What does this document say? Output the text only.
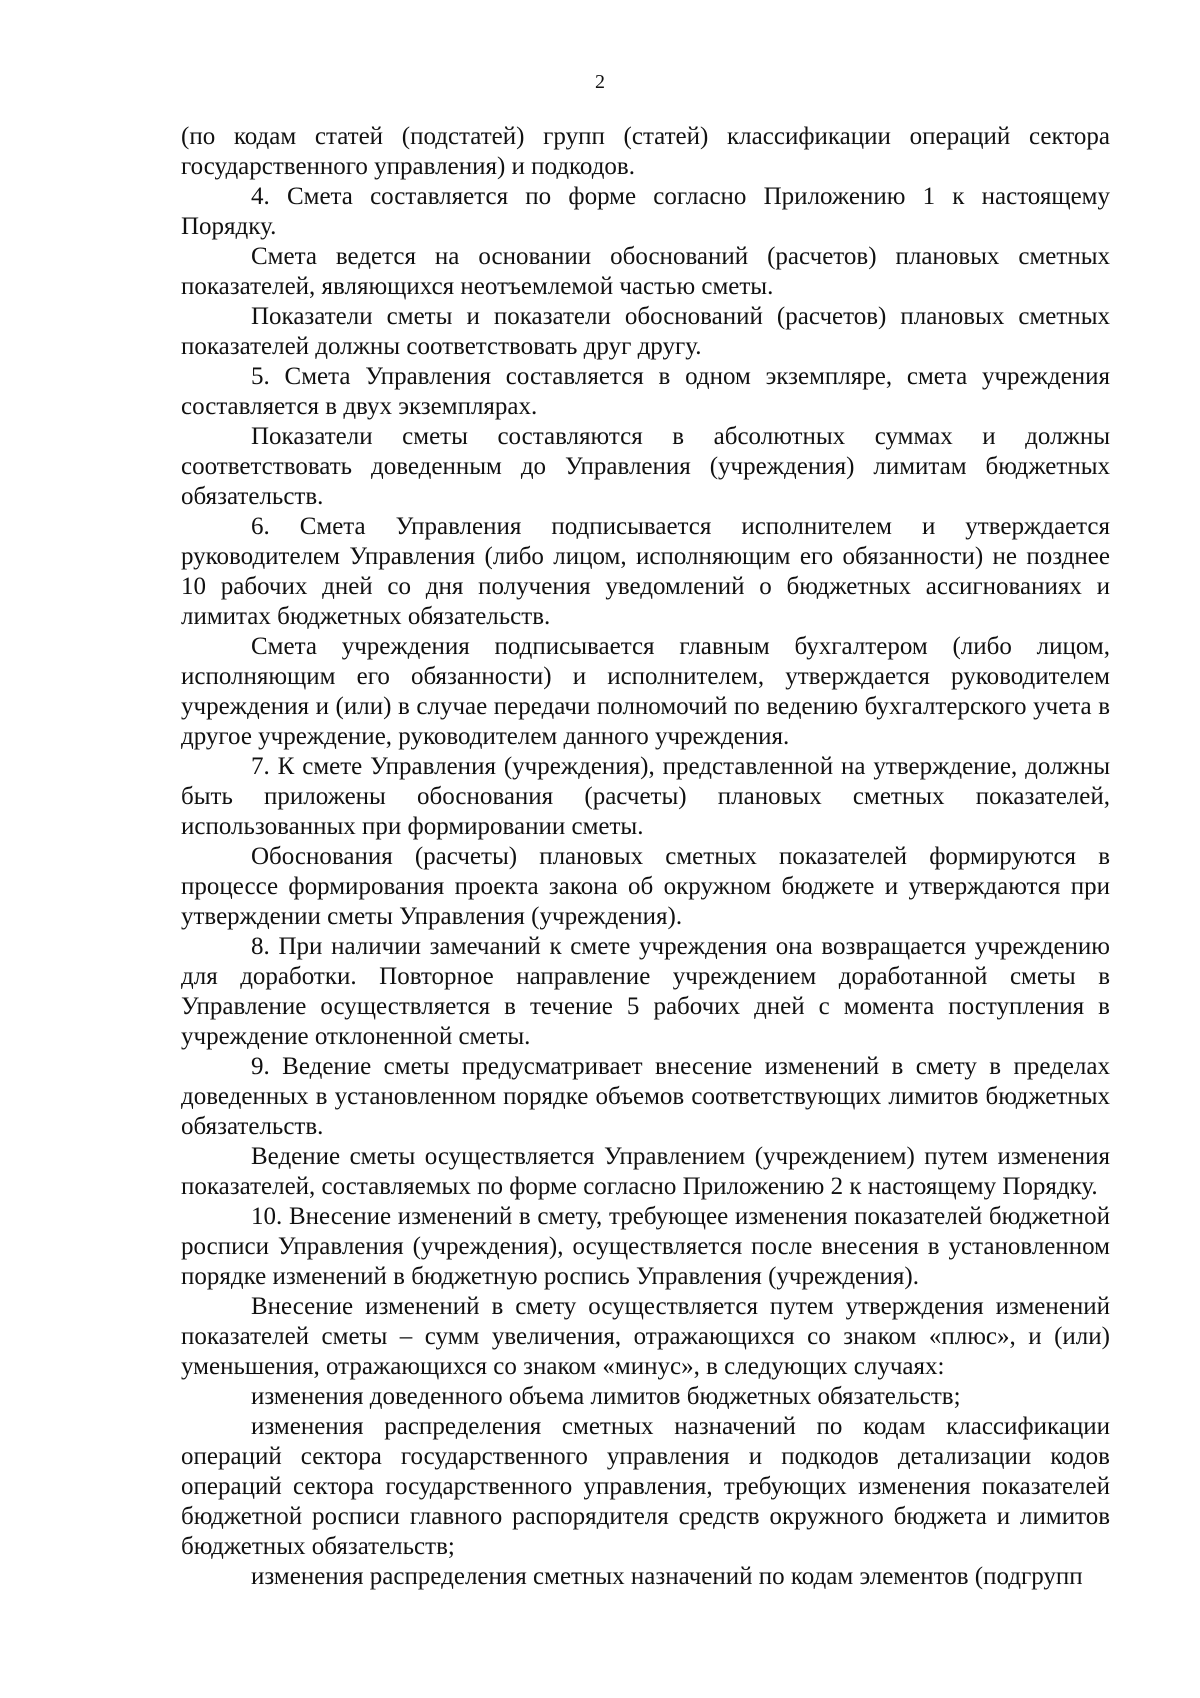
2

(по кодам статей (подстатей) групп (статей) классификации операций сектора государственного управления) и подкодов.

4. Смета составляется по форме согласно Приложению 1 к настоящему Порядку.

Смета ведется на основании обоснований (расчетов) плановых сметных показателей, являющихся неотъемлемой частью сметы.

Показатели сметы и показатели обоснований (расчетов) плановых сметных показателей должны соответствовать друг другу.

5. Смета Управления составляется в одном экземпляре, смета учреждения составляется в двух экземплярах.

Показатели сметы составляются в абсолютных суммах и должны соответствовать доведенным до Управления (учреждения) лимитам бюджетных обязательств.

6. Смета Управления подписывается исполнителем и утверждается руководителем Управления (либо лицом, исполняющим его обязанности) не позднее 10 рабочих дней со дня получения уведомлений о бюджетных ассигнованиях и лимитах бюджетных обязательств.

Смета учреждения подписывается главным бухгалтером (либо лицом, исполняющим его обязанности) и исполнителем, утверждается руководителем учреждения и (или) в случае передачи полномочий по ведению бухгалтерского учета в другое учреждение, руководителем данного учреждения.

7. К смете Управления (учреждения), представленной на утверждение, должны быть приложены обоснования (расчеты) плановых сметных показателей, использованных при формировании сметы.

Обоснования (расчеты) плановых сметных показателей формируются в процессе формирования проекта закона об окружном бюджете и утверждаются при утверждении сметы Управления (учреждения).

8. При наличии замечаний к смете учреждения она возвращается учреждению для доработки. Повторное направление учреждением доработанной сметы в Управление осуществляется в течение 5 рабочих дней с момента поступления в учреждение отклоненной сметы.

9. Ведение сметы предусматривает внесение изменений в смету в пределах доведенных в установленном порядке объемов соответствующих лимитов бюджетных обязательств.

Ведение сметы осуществляется Управлением (учреждением) путем изменения показателей, составляемых по форме согласно Приложению 2 к настоящему Порядку.

10. Внесение изменений в смету, требующее изменения показателей бюджетной росписи Управления (учреждения), осуществляется после внесения в установленном порядке изменений в бюджетную роспись Управления (учреждения).

Внесение изменений в смету осуществляется путем утверждения изменений показателей сметы – сумм увеличения, отражающихся со знаком «плюс», и (или) уменьшения, отражающихся со знаком «минус», в следующих случаях:

изменения доведенного объема лимитов бюджетных обязательств;

изменения распределения сметных назначений по кодам классификации операций сектора государственного управления и подкодов детализации кодов операций сектора государственного управления, требующих изменения показателей бюджетной росписи главного распорядителя средств окружного бюджета и лимитов бюджетных обязательств;

изменения распределения сметных назначений по кодам элементов (подгрупп
